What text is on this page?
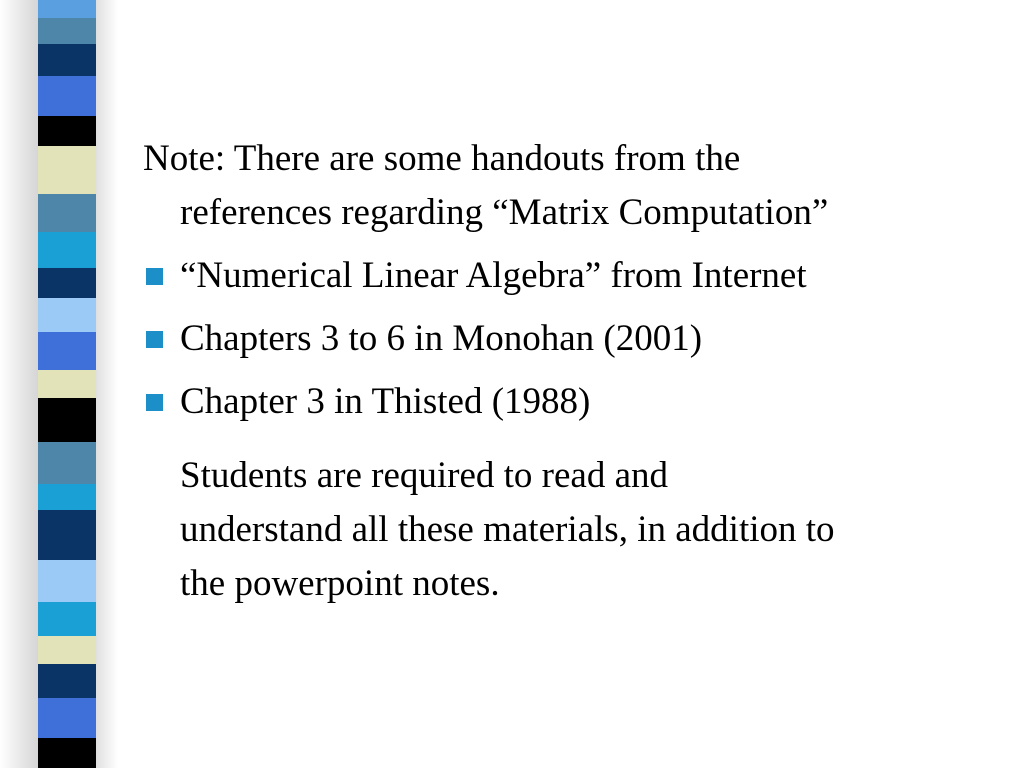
Note: There are some handouts from the
references regarding “Matrix Computation”

“Numerical Linear Algebra” from Internet
Chapters 3 to 6 in Monohan (2001)
Chapter 3 in Thisted (1988)

Students are required to read and
understand all these materials, in addition to
the powerpoint notes.
